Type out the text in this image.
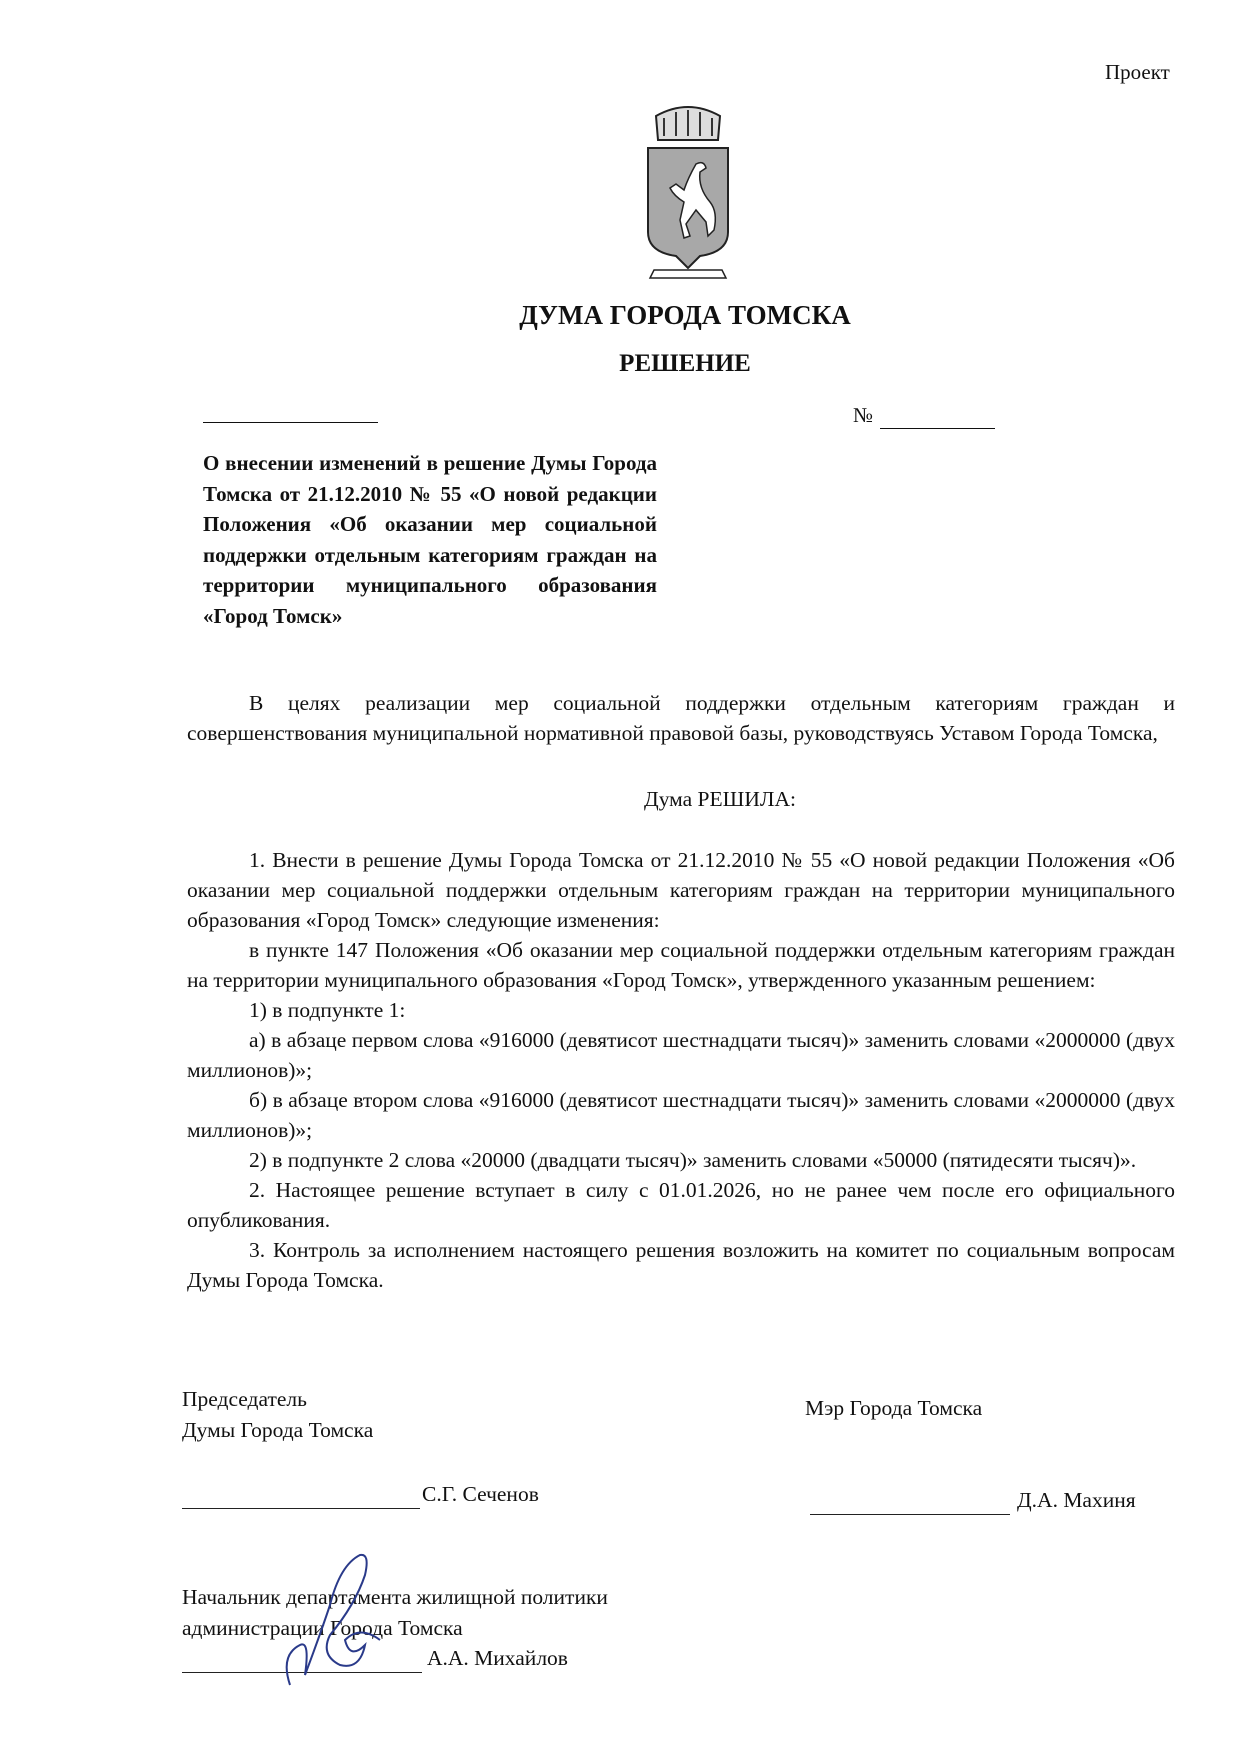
Проект
ДУМА ГОРОДА ТОМСКА
РЕШЕНИЕ
№
О внесении изменений в решение Думы Города Томска от 21.12.2010 № 55 «О новой редакции Положения «Об оказании мер социальной поддержки отдельным категориям граждан на территории муниципального образования «Город Томск»
В целях реализации мер социальной поддержки отдельным категориям граждан и совершенствования муниципальной нормативной правовой базы, руководствуясь Уставом Города Томска,
Дума РЕШИЛА:

1. Внести в решение Думы Города Томска от 21.12.2010 № 55 «О новой редакции Положения «Об оказании мер социальной поддержки отдельным категориям граждан на территории муниципального образования «Город Томск» следующие изменения:

в пункте 147 Положения «Об оказании мер социальной поддержки отдельным категориям граждан на территории муниципального образования «Город Томск», утвержденного указанным решением:

1) в подпункте 1:

а) в абзаце первом слова «916000 (девятисот шестнадцати тысяч)» заменить словами «2000000 (двух миллионов)»;

б) в абзаце втором слова «916000 (девятисот шестнадцати тысяч)» заменить словами «2000000 (двух миллионов)»;

2) в подпункте 2 слова «20000 (двадцати тысяч)» заменить словами «50000 (пятидесяти тысяч)».

2. Настоящее решение вступает в силу с 01.01.2026, но не ранее чем после его официального опубликования.

3. Контроль за исполнением настоящего решения возложить на комитет по социальным вопросам Думы Города Томска.

Председатель
Думы Города Томска
Мэр Города Томска
С.Г. Сеченов	Д.А. Махиня
Начальник департамента жилищной политики
администрации Города Томска
А.А. Михайлов
